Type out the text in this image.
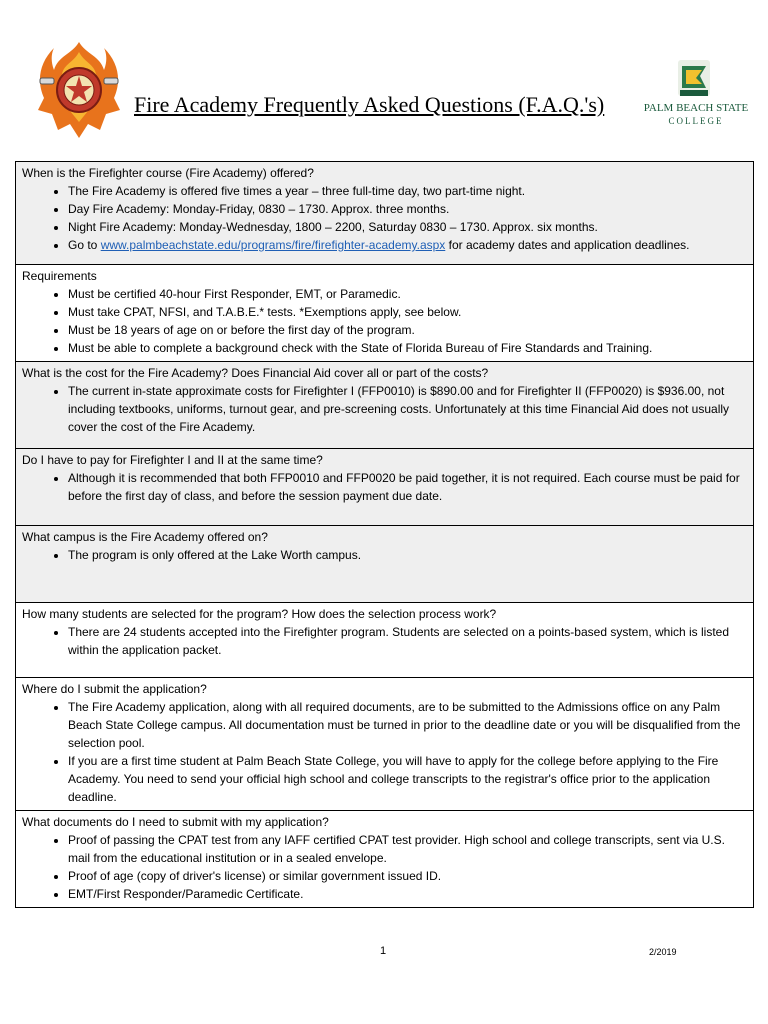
Fire Academy Frequently Asked Questions (F.A.Q.'s)	PALM BEACH STATE
COLLEGE

When is the Firefighter course (Fire Academy) offered?

• The Fire Academy is offered five times a year – three full-time day, two part-time night.
• Day Fire Academy: Monday-Friday, 0830 – 1730. Approx. three months.
• Night Fire Academy: Monday-Wednesday, 1800 – 2200, Saturday 0830 – 1730. Approx. six months.
• Go to www.palmbeachstate.edu/programs/fire/firefighter-academy.aspx for academy dates and application deadlines.

Requirements

• Must be certified 40-hour First Responder, EMT, or Paramedic.
• Must take CPAT, NFSI, and T.A.B.E.* tests. *Exemptions apply, see below.
• Must be 18 years of age on or before the first day of the program.
• Must be able to complete a background check with the State of Florida Bureau of Fire Standards and Training.

What is the cost for the Fire Academy? Does Financial Aid cover all or part of the costs?

• The current in-state approximate costs for Firefighter I (FFP0010) is $890.00 and for Firefighter II (FFP0020) is $936.00, not including textbooks, uniforms, turnout gear, and pre-screening costs. Unfortunately at this time Financial Aid does not usually cover the cost of the Fire Academy.

Do I have to pay for Firefighter I and II at the same time?

• Although it is recommended that both FFP0010 and FFP0020 be paid together, it is not required. Each course must be paid for before the first day of class, and before the session payment due date.

What campus is the Fire Academy offered on?

• The program is only offered at the Lake Worth campus.

How many students are selected for the program? How does the selection process work?

• There are 24 students accepted into the Firefighter program. Students are selected on a points-based system, which is listed within the application packet.

Where do I submit the application?

• The Fire Academy application, along with all required documents, are to be submitted to the Admissions office on any Palm Beach State College campus. All documentation must be turned in prior to the deadline date or you will be disqualified from the selection pool.
• If you are a first time student at Palm Beach State College, you will have to apply for the college before applying to the Fire Academy. You need to send your official high school and college transcripts to the registrar's office prior to the application deadline.

What documents do I need to submit with my application?

• Proof of passing the CPAT test from any IAFF certified CPAT test provider. High school and college transcripts, sent via U.S. mail from the educational institution or in a sealed envelope.
• Proof of age (copy of driver's license) or similar government issued ID.
• EMT/First Responder/Paramedic Certificate.
1	2/2019
